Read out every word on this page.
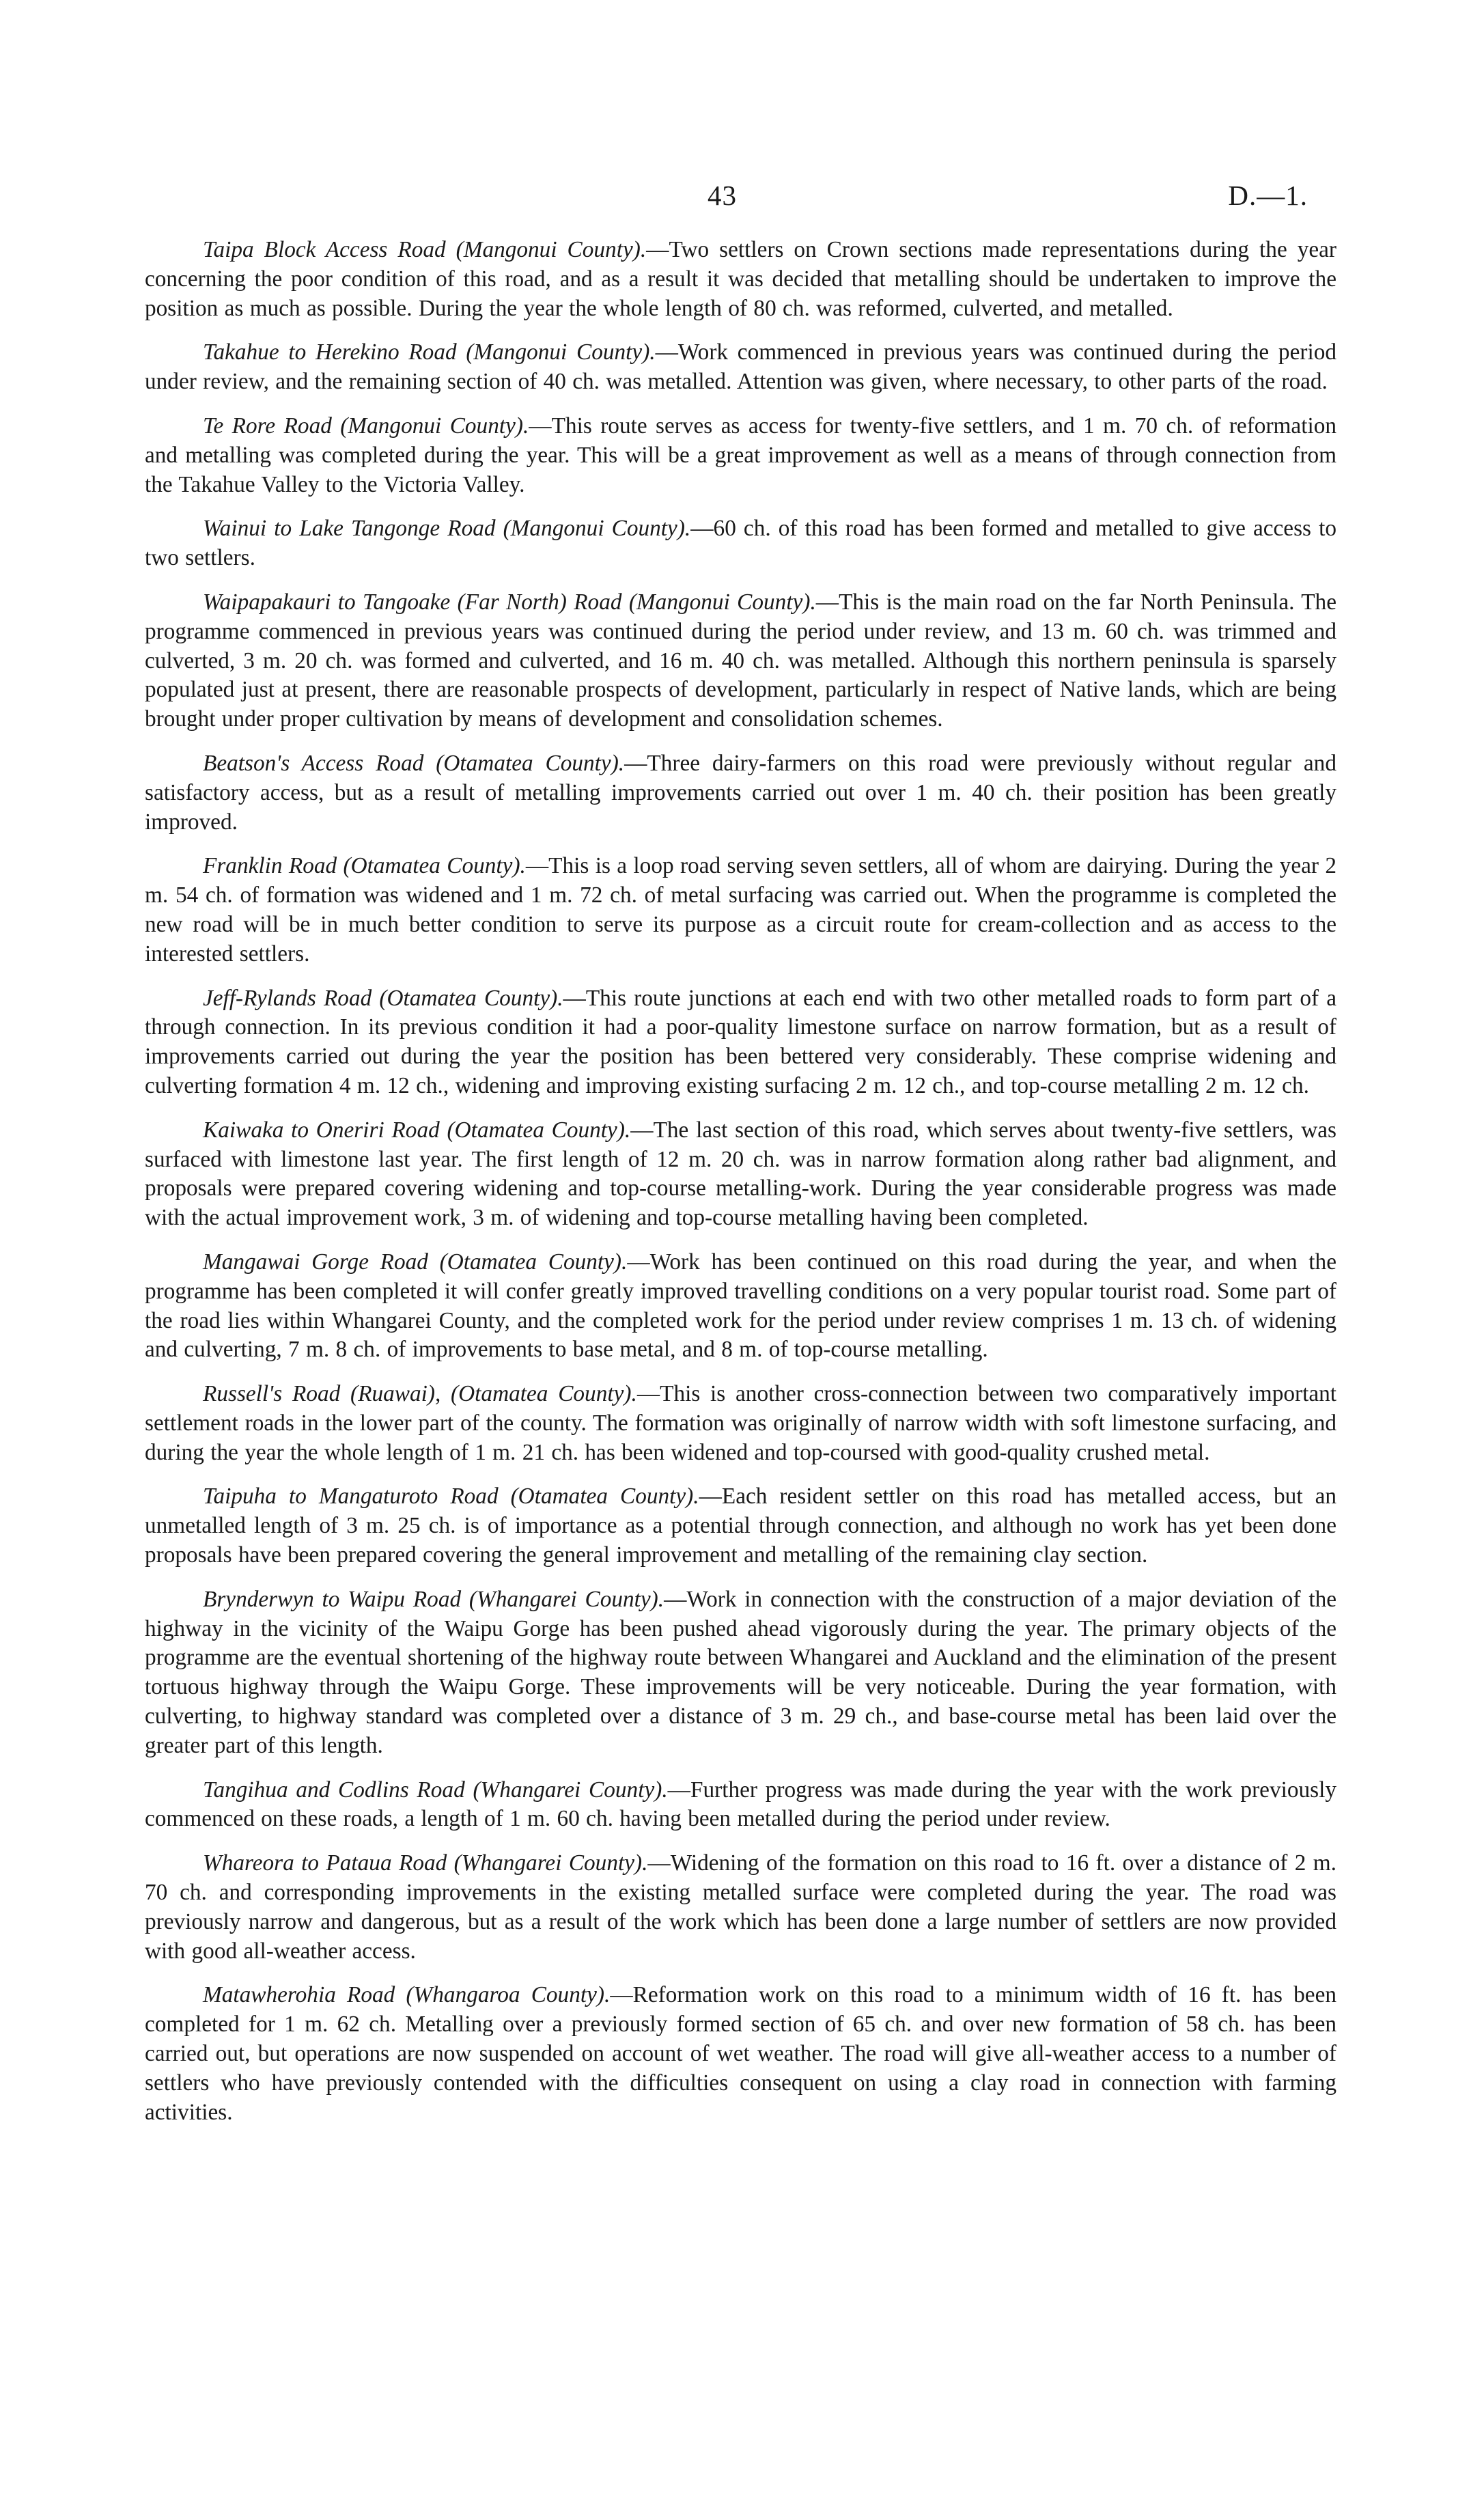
43	D.—1.

Taipa Block Access Road (Mangonui County).—Two settlers on Crown sections made representations during the year concerning the poor condition of this road, and as a result it was decided that metalling should be undertaken to improve the position as much as possible. During the year the whole length of 80 ch. was reformed, culverted, and metalled.

Takahue to Herekino Road (Mangonui County).—Work commenced in previous years was continued during the period under review, and the remaining section of 40 ch. was metalled. Attention was given, where necessary, to other parts of the road.

Te Rore Road (Mangonui County).—This route serves as access for twenty-five settlers, and 1 m. 70 ch. of reformation and metalling was completed during the year. This will be a great improvement as well as a means of through connection from the Takahue Valley to the Victoria Valley.

Wainui to Lake Tangonge Road (Mangonui County).—60 ch. of this road has been formed and metalled to give access to two settlers.

Waipapakauri to Tangoake (Far North) Road (Mangonui County).—This is the main road on the far North Peninsula. The programme commenced in previous years was continued during the period under review, and 13 m. 60 ch. was trimmed and culverted, 3 m. 20 ch. was formed and culverted, and 16 m. 40 ch. was metalled. Although this northern peninsula is sparsely populated just at present, there are reasonable prospects of development, particularly in respect of Native lands, which are being brought under proper cultivation by means of development and consolidation schemes.

Beatson's Access Road (Otamatea County).—Three dairy-farmers on this road were previously without regular and satisfactory access, but as a result of metalling improvements carried out over 1 m. 40 ch. their position has been greatly improved.

Franklin Road (Otamatea County).—This is a loop road serving seven settlers, all of whom are dairying. During the year 2 m. 54 ch. of formation was widened and 1 m. 72 ch. of metal surfacing was carried out. When the programme is completed the new road will be in much better condition to serve its purpose as a circuit route for cream-collection and as access to the interested settlers.

Jeff-Rylands Road (Otamatea County).—This route junctions at each end with two other metalled roads to form part of a through connection. In its previous condition it had a poor-quality limestone surface on narrow formation, but as a result of improvements carried out during the year the position has been bettered very considerably. These comprise widening and culverting formation 4 m. 12 ch., widening and improving existing surfacing 2 m. 12 ch., and top-course metalling 2 m. 12 ch.

Kaiwaka to Oneriri Road (Otamatea County).—The last section of this road, which serves about twenty-five settlers, was surfaced with limestone last year. The first length of 12 m. 20 ch. was in narrow formation along rather bad alignment, and proposals were prepared covering widening and top-course metalling-work. During the year considerable progress was made with the actual improvement work, 3 m. of widening and top-course metalling having been completed.

Mangawai Gorge Road (Otamatea County).—Work has been continued on this road during the year, and when the programme has been completed it will confer greatly improved travelling conditions on a very popular tourist road. Some part of the road lies within Whangarei County, and the completed work for the period under review comprises 1 m. 13 ch. of widening and culverting, 7 m. 8 ch. of improvements to base metal, and 8 m. of top-course metalling.

Russell's Road (Ruawai), (Otamatea County).—This is another cross-connection between two comparatively important settlement roads in the lower part of the county. The formation was originally of narrow width with soft limestone surfacing, and during the year the whole length of 1 m. 21 ch. has been widened and top-coursed with good-quality crushed metal.

Taipuha to Mangaturoto Road (Otamatea County).—Each resident settler on this road has metalled access, but an unmetalled length of 3 m. 25 ch. is of importance as a potential through connection, and although no work has yet been done proposals have been prepared covering the general improvement and metalling of the remaining clay section.

Brynderwyn to Waipu Road (Whangarei County).—Work in connection with the construction of a major deviation of the highway in the vicinity of the Waipu Gorge has been pushed ahead vigorously during the year. The primary objects of the programme are the eventual shortening of the highway route between Whangarei and Auckland and the elimination of the present tortuous highway through the Waipu Gorge. These improvements will be very noticeable. During the year formation, with culverting, to highway standard was completed over a distance of 3 m. 29 ch., and base-course metal has been laid over the greater part of this length.

Tangihua and Codlins Road (Whangarei County).—Further progress was made during the year with the work previously commenced on these roads, a length of 1 m. 60 ch. having been metalled during the period under review.

Whareora to Pataua Road (Whangarei County).—Widening of the formation on this road to 16 ft. over a distance of 2 m. 70 ch. and corresponding improvements in the existing metalled surface were completed during the year. The road was previously narrow and dangerous, but as a result of the work which has been done a large number of settlers are now provided with good all-weather access.

Matawherohia Road (Whangaroa County).—Reformation work on this road to a minimum width of 16 ft. has been completed for 1 m. 62 ch. Metalling over a previously formed section of 65 ch. and over new formation of 58 ch. has been carried out, but operations are now suspended on account of wet weather. The road will give all-weather access to a number of settlers who have previously contended with the difficulties consequent on using a clay road in connection with farming activities.
